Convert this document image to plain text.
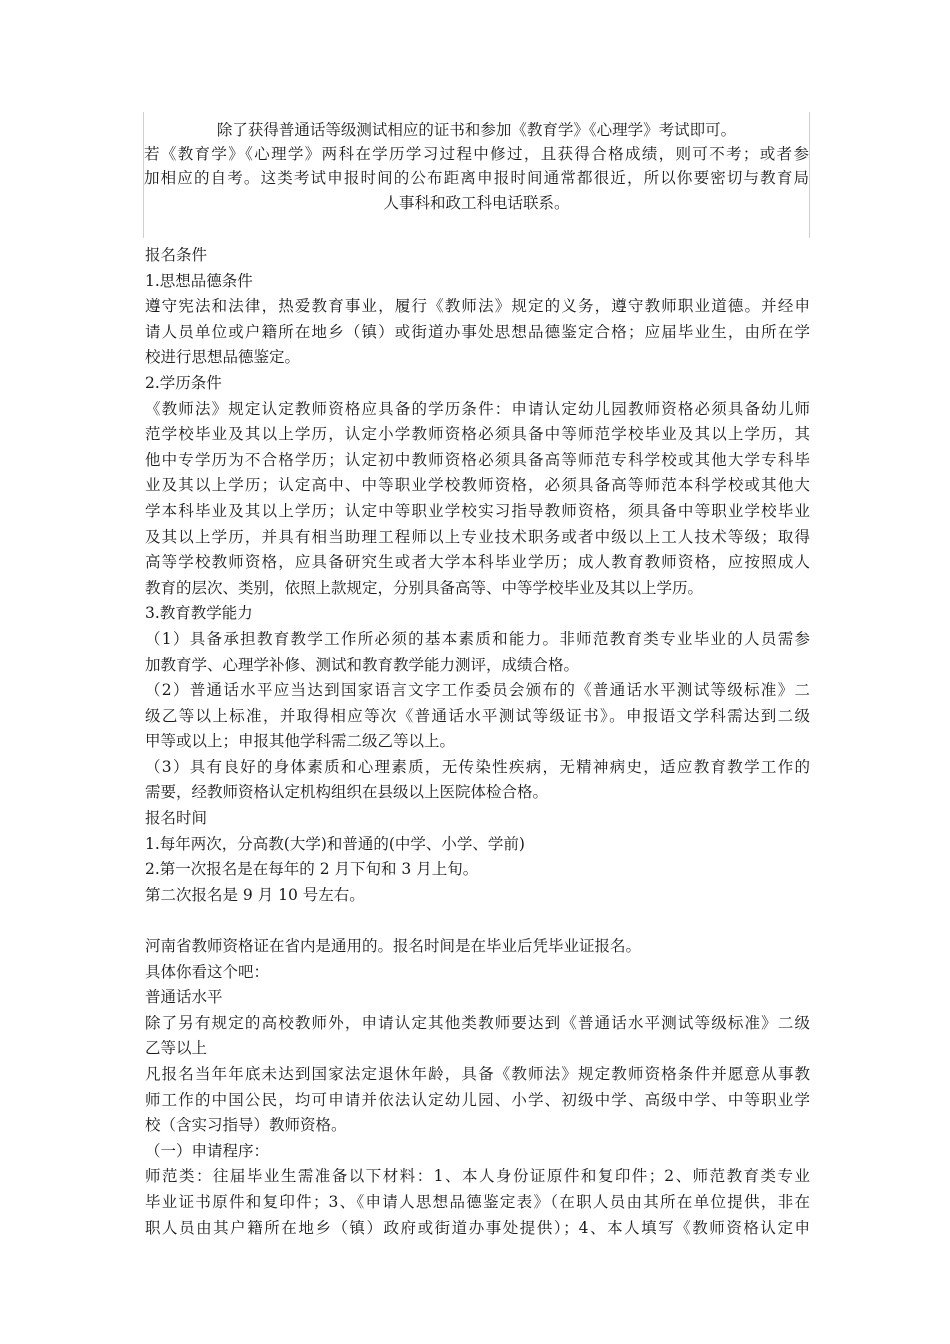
除了获得普通话等级测试相应的证书和参加《教育学》《心理学》考试即可。
若《教育学》《心理学》两科在学历学习过程中修过，且获得合格成绩，则可不考；或者参
加相应的自考。这类考试申报时间的公布距离申报时间通常都很近，所以你要密切与教育局
人事科和政工科电话联系。

报名条件

1.思想品德条件

遵守宪法和法律，热爱教育事业，履行《教师法》规定的义务，遵守教师职业道德。并经申

请人员单位或户籍所在地乡（镇）或街道办事处思想品德鉴定合格；应届毕业生，由所在学

校进行思想品德鉴定。

2.学历条件

《教师法》规定认定教师资格应具备的学历条件：申请认定幼儿园教师资格必须具备幼儿师

范学校毕业及其以上学历，认定小学教师资格必须具备中等师范学校毕业及其以上学历，其

他中专学历为不合格学历；认定初中教师资格必须具备高等师范专科学校或其他大学专科毕

业及其以上学历；认定高中、中等职业学校教师资格，必须具备高等师范本科学校或其他大

学本科毕业及其以上学历；认定中等职业学校实习指导教师资格，须具备中等职业学校毕业

及其以上学历，并具有相当助理工程师以上专业技术职务或者中级以上工人技术等级；取得

高等学校教师资格，应具备研究生或者大学本科毕业学历；成人教育教师资格，应按照成人

教育的层次、类别，依照上款规定，分别具备高等、中等学校毕业及其以上学历。

3.教育教学能力

（1）具备承担教育教学工作所必须的基本素质和能力。非师范教育类专业毕业的人员需参

加教育学、心理学补修、测试和教育教学能力测评，成绩合格。

（2）普通话水平应当达到国家语言文字工作委员会颁布的《普通话水平测试等级标准》二

级乙等以上标准，并取得相应等次《普通话水平测试等级证书》。申报语文学科需达到二级

甲等或以上；申报其他学科需二级乙等以上。

（3）具有良好的身体素质和心理素质，无传染性疾病，无精神病史，适应教育教学工作的

需要，经教师资格认定机构组织在县级以上医院体检合格。

报名时间

1.每年两次，分高教(大学)和普通的(中学、小学、学前)

2.第一次报名是在每年的 2 月下旬和 3 月上旬。

第二次报名是 9 月 10 号左右。

河南省教师资格证在省内是通用的。报名时间是在毕业后凭毕业证报名。

具体你看这个吧：

普通话水平

除了另有规定的高校教师外，申请认定其他类教师要达到《普通话水平测试等级标准》二级

乙等以上

凡报名当年年底未达到国家法定退休年龄，具备《教师法》规定教师资格条件并愿意从事教

师工作的中国公民，均可申请并依法认定幼儿园、小学、初级中学、高级中学、中等职业学

校（含实习指导）教师资格。

（一）申请程序：

师范类：往届毕业生需准备以下材料：1、本人身份证原件和复印件；2、师范教育类专业

毕业证书原件和复印件；3、《申请人思想品德鉴定表》（在职人员由其所在单位提供，非在

职人员由其户籍所在地乡（镇）政府或街道办事处提供）；4、本人填写《教师资格认定申
